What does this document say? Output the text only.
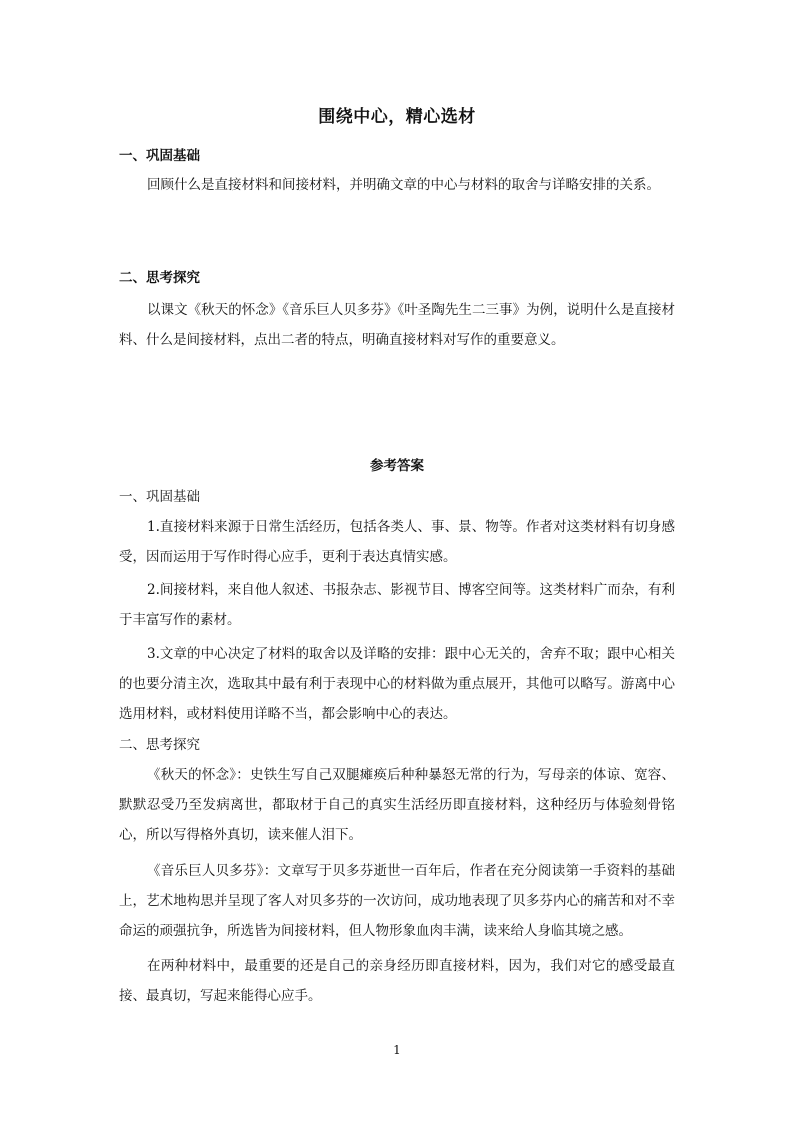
围绕中心，精心选材
一、巩固基础

回顾什么是直接材料和间接材料，并明确文章的中心与材料的取舍与详略安排的关系。

二、思考探究

以课文《秋天的怀念》《音乐巨人贝多芬》《叶圣陶先生二三事》为例，说明什么是直接材料、什么是间接材料，点出二者的特点，明确直接材料对写作的重要意义。

参考答案
一、巩固基础

1.直接材料来源于日常生活经历，包括各类人、事、景、物等。作者对这类材料有切身感受，因而运用于写作时得心应手，更利于表达真情实感。

2.间接材料，来自他人叙述、书报杂志、影视节目、博客空间等。这类材料广而杂，有利于丰富写作的素材。

3.文章的中心决定了材料的取舍以及详略的安排：跟中心无关的，舍弃不取；跟中心相关的也要分清主次，选取其中最有利于表现中心的材料做为重点展开，其他可以略写。游离中心选用材料，或材料使用详略不当，都会影响中心的表达。

二、思考探究

《秋天的怀念》：史铁生写自己双腿瘫痪后种种暴怒无常的行为，写母亲的体谅、宽容、默默忍受乃至发病离世，都取材于自己的真实生活经历即直接材料，这种经历与体验刻骨铭心，所以写得格外真切，读来催人泪下。

《音乐巨人贝多芬》：文章写于贝多芬逝世一百年后，作者在充分阅读第一手资料的基础上，艺术地构思并呈现了客人对贝多芬的一次访问，成功地表现了贝多芬内心的痛苦和对不幸命运的顽强抗争，所选皆为间接材料，但人物形象血肉丰满，读来给人身临其境之感。

在两种材料中，最重要的还是自己的亲身经历即直接材料，因为，我们对它的感受最直接、最真切，写起来能得心应手。

1
